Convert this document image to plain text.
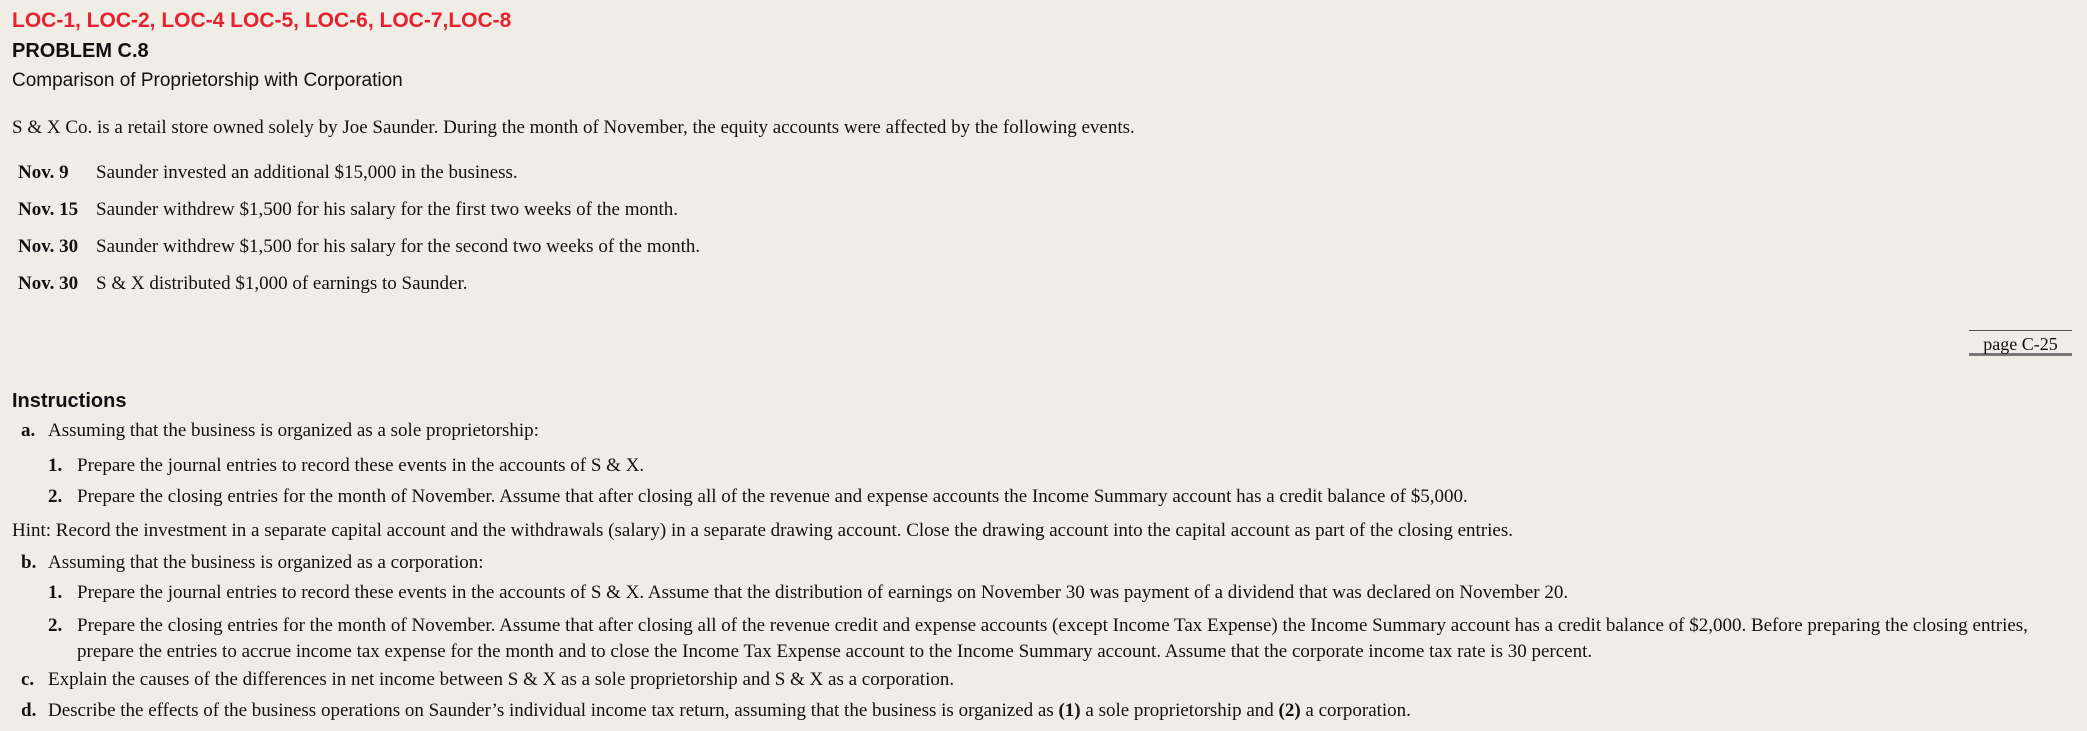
LOC-1, LOC-2, LOC-4 LOC-5, LOC-6, LOC-7,LOC-8
PROBLEM C.8
Comparison of Proprietorship with Corporation
S & X Co. is a retail store owned solely by Joe Saunder. During the month of November, the equity accounts were affected by the following events.
Nov. 9 Saunder invested an additional $15,000 in the business.
Nov. 15 Saunder withdrew $1,500 for his salary for the first two weeks of the month.
Nov. 30 Saunder withdrew $1,500 for his salary for the second two weeks of the month.
Nov. 30 S & X distributed $1,000 of earnings to Saunder.
page C-25
Instructions
a. Assuming that the business is organized as a sole proprietorship:
1. Prepare the journal entries to record these events in the accounts of S & X.
2. Prepare the closing entries for the month of November. Assume that after closing all of the revenue and expense accounts the Income Summary account has a credit balance of $5,000.
Hint: Record the investment in a separate capital account and the withdrawals (salary) in a separate drawing account. Close the drawing account into the capital account as part of the closing entries.
b. Assuming that the business is organized as a corporation:
1. Prepare the journal entries to record these events in the accounts of S & X. Assume that the distribution of earnings on November 30 was payment of a dividend that was declared on November 20.
2. Prepare the closing entries for the month of November. Assume that after closing all of the revenue credit and expense accounts (except Income Tax Expense) the Income Summary account has a credit balance of $2,000. Before preparing the closing entries, prepare the entries to accrue income tax expense for the month and to close the Income Tax Expense account to the Income Summary account. Assume that the corporate income tax rate is 30 percent.
c. Explain the causes of the differences in net income between S & X as a sole proprietorship and S & X as a corporation.
d. Describe the effects of the business operations on Saunder’s individual income tax return, assuming that the business is organized as (1) a sole proprietorship and (2) a corporation.
